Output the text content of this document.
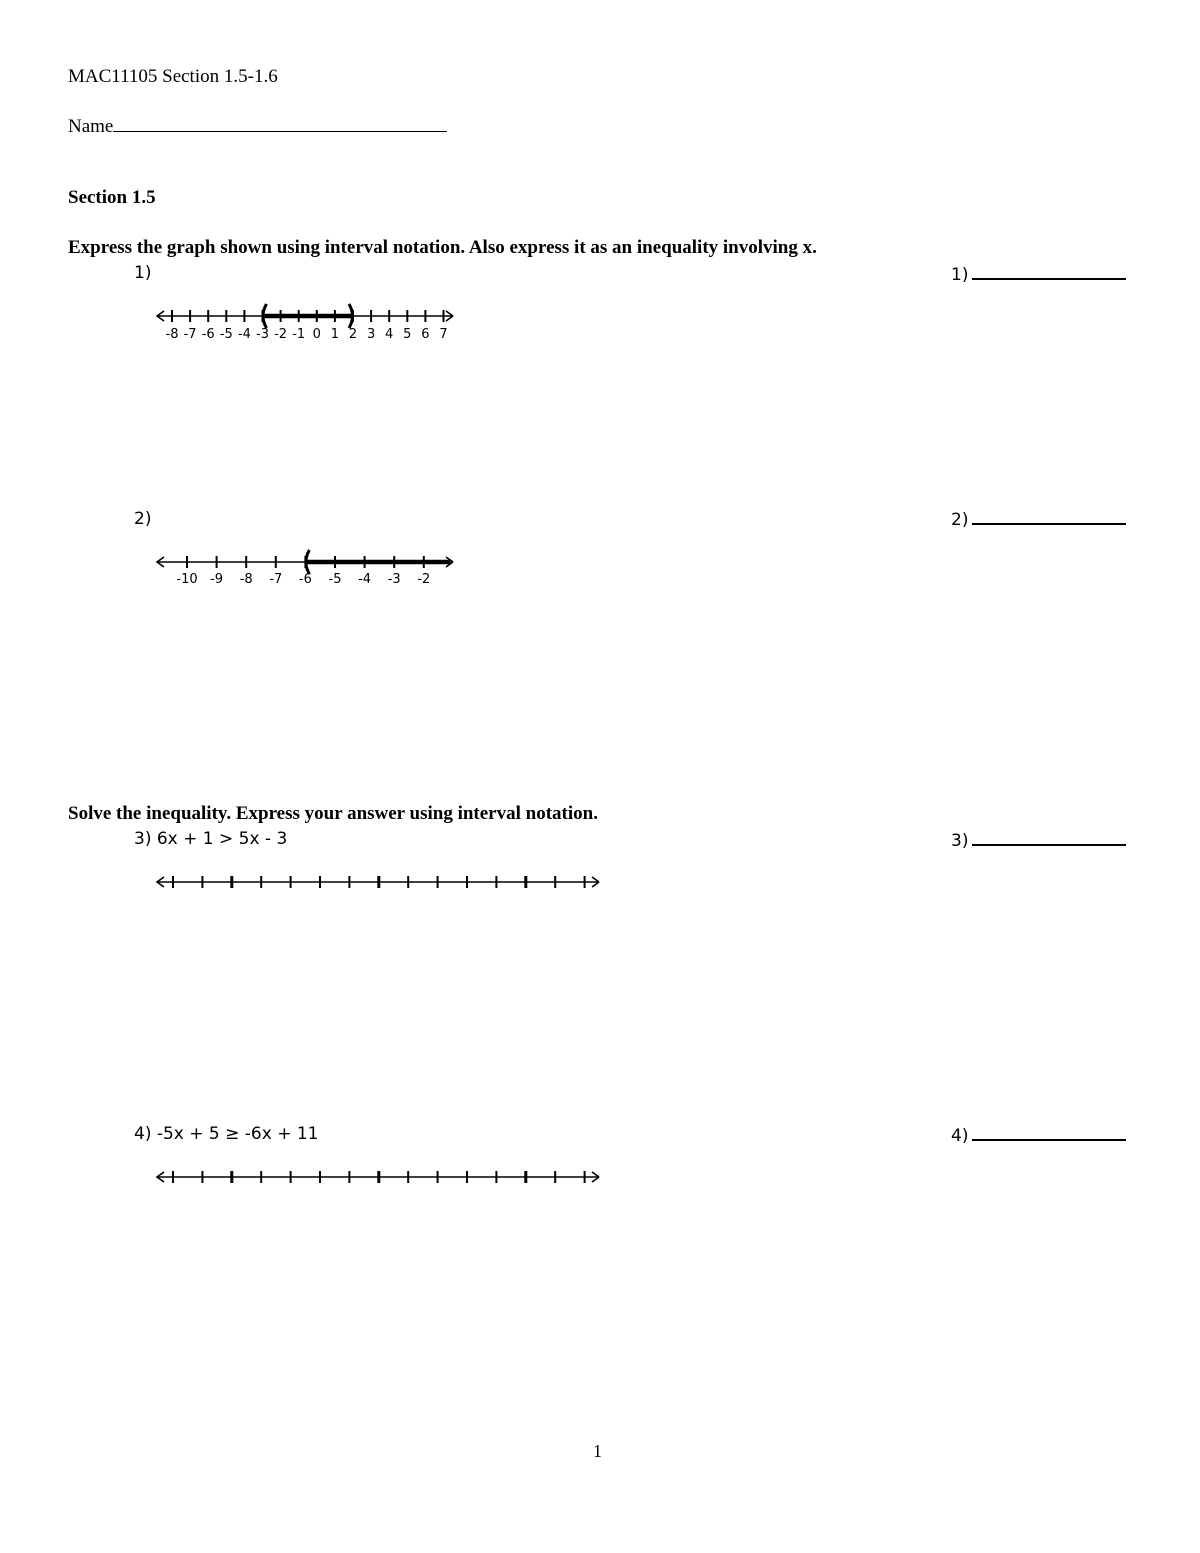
MAC11105 Section 1.5-1.6
Name
Section 1.5
Express the graph shown using interval notation. Also express it as an inequality involving x.
1)	1)
-8 -7 -6 -5 -4 -3 -2 -1 0 1 2 3 4 5 6 7
2)	2)
-10 -9 -8 -7 -6 -5 -4 -3 -2
Solve the inequality. Express your answer using interval notation.
3) 6x + 1 > 5x - 3	3)
4) -5x + 5 ≥ -6x + 11	4)
1
